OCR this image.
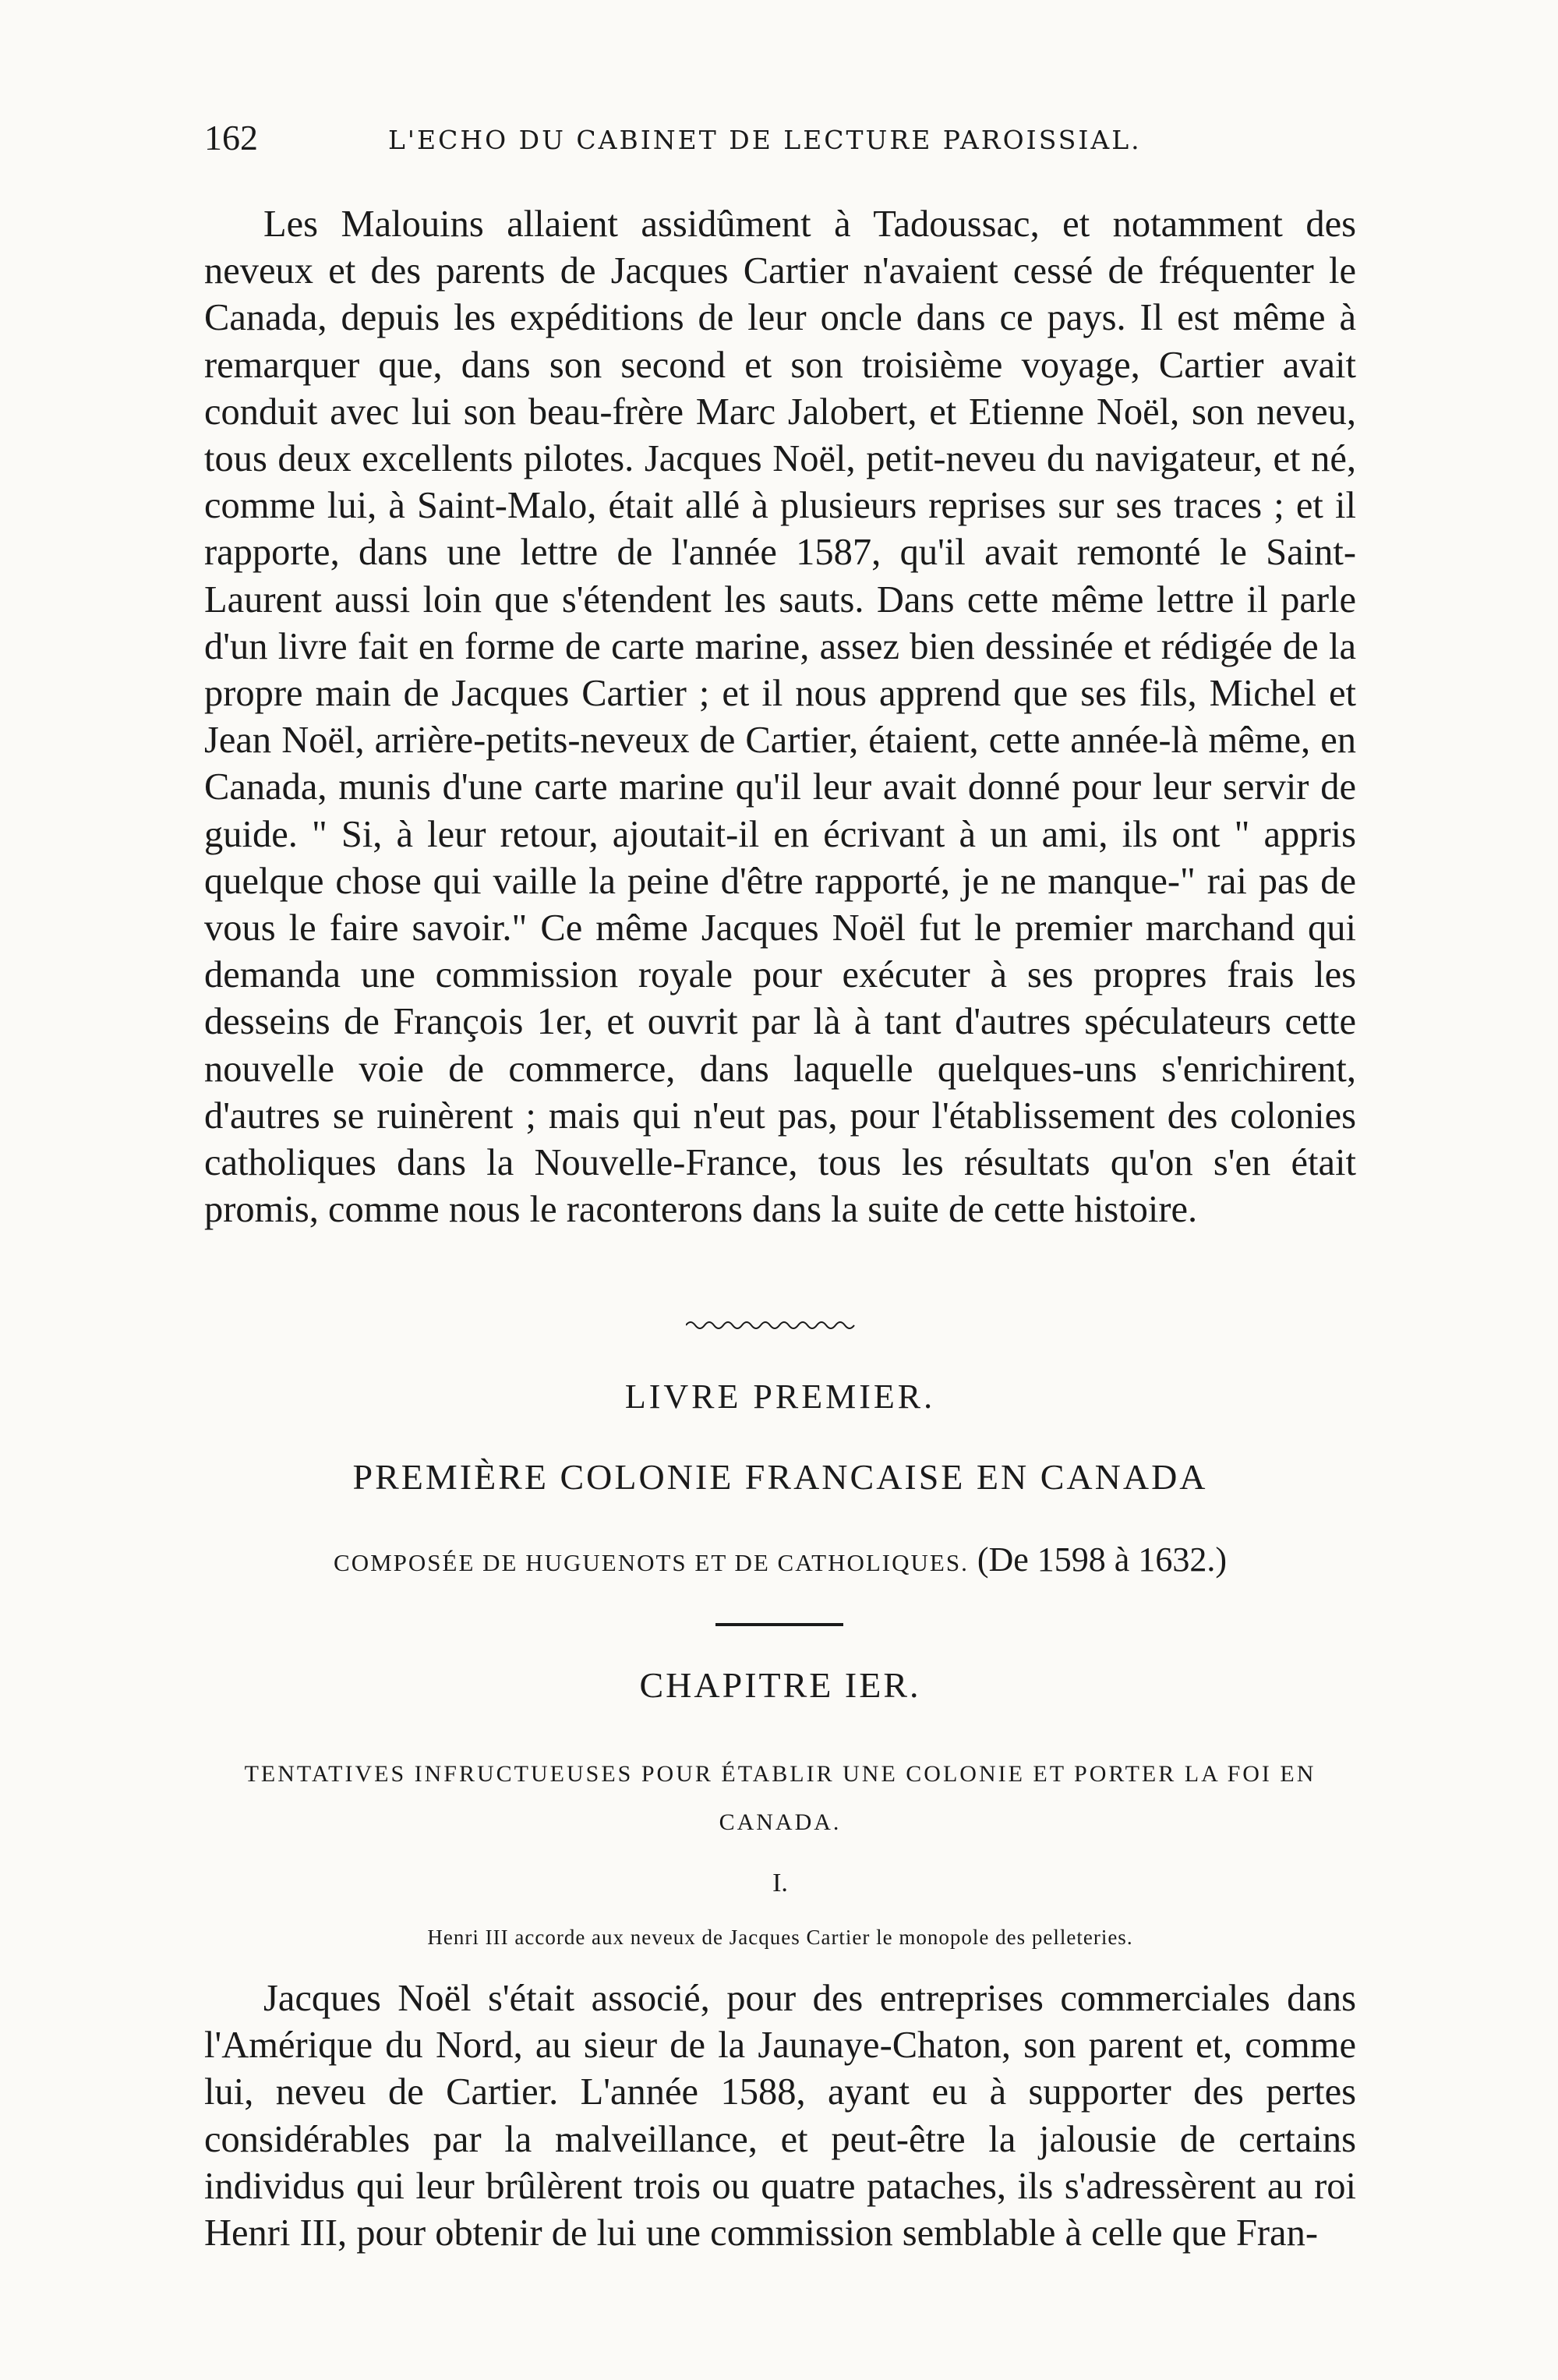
162	L'ECHO DU CABINET DE LECTURE PAROISSIAL.

Les Malouins allaient assidûment à Tadoussac, et notamment des neveux et des parents de Jacques Cartier n'avaient cessé de fréquenter le Canada, depuis les expéditions de leur oncle dans ce pays. Il est même à remarquer que, dans son second et son troisième voyage, Cartier avait conduit avec lui son beau-frère Marc Jalobert, et Etienne Noël, son neveu, tous deux excellents pilotes. Jacques Noël, petit-neveu du navigateur, et né, comme lui, à Saint-Malo, était allé à plusieurs reprises sur ses traces ; et il rapporte, dans une lettre de l'année 1587, qu'il avait remonté le Saint-Laurent aussi loin que s'étendent les sauts. Dans cette même lettre il parle d'un livre fait en forme de carte marine, assez bien dessinée et rédigée de la propre main de Jacques Cartier ; et il nous apprend que ses fils, Michel et Jean Noël, arrière-petits-neveux de Cartier, étaient, cette année-là même, en Canada, munis d'une carte marine qu'il leur avait donné pour leur servir de guide. " Si, à leur retour, ajoutait-il en écrivant à un ami, ils ont " appris quelque chose qui vaille la peine d'être rapporté, je ne manque-" rai pas de vous le faire savoir." Ce même Jacques Noël fut le premier marchand qui demanda une commission royale pour exécuter à ses propres frais les desseins de François 1er, et ouvrit par là à tant d'autres spéculateurs cette nouvelle voie de commerce, dans laquelle quelques-uns s'enrichirent, d'autres se ruinèrent ; mais qui n'eut pas, pour l'établissement des colonies catholiques dans la Nouvelle-France, tous les résultats qu'on s'en était promis, comme nous le raconterons dans la suite de cette histoire.

LIVRE PREMIER.
PREMIÈRE COLONIE FRANCAISE EN CANADA
COMPOSÉE DE HUGUENOTS ET DE CATHOLIQUES. (De 1598 à 1632.)
CHAPITRE IER.
TENTATIVES INFRUCTUEUSES POUR ÉTABLIR UNE COLONIE ET PORTER LA FOI EN CANADA.
I.
Henri III accorde aux neveux de Jacques Cartier le monopole des pelleteries.

Jacques Noël s'était associé, pour des entreprises commerciales dans l'Amérique du Nord, au sieur de la Jaunaye-Chaton, son parent et, comme lui, neveu de Cartier. L'année 1588, ayant eu à supporter des pertes considérables par la malveillance, et peut-être la jalousie de certains individus qui leur brûlèrent trois ou quatre pataches, ils s'adressèrent au roi Henri III, pour obtenir de lui une commission semblable à celle que Fran-
